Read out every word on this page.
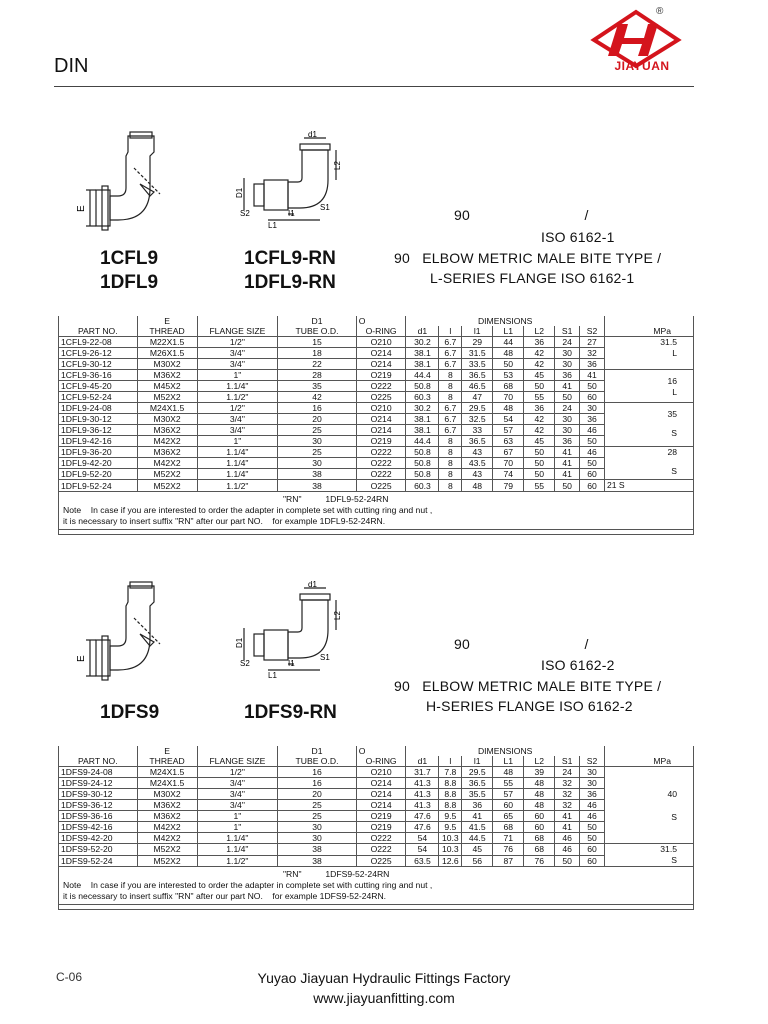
DIN
®
JIAYUAN
E
d1
L2
D1
S2	I1
S1
L1
1CFL9
1DFL9
1CFL9-RN
1DFL9-RN
90                            /
ISO 6162-1
90   ELBOW METRIC MALE BITE TYPE /
L-SERIES FLANGE ISO 6162-1
	E		D1	O	DIMENSIONS							
PART NO.	THREAD	FLANGE SIZE	TUBE O.D.	O-RING	d1	l	l1	L1	L2	S1	S2	MPa
1CFL9-22-08	M22X1.5	1/2"	15	O210	30.2	6.7	29	44	36	24	27	31.5
L

1CFL9-26-12	M26X1.5	3/4"	18	O214	38.1	6.7	31.5	48	42	30	32	
1CFL9-30-12	M30X2	3/4"	22	O214	38.1	6.7	33.5	50	42	30	36	
1CFL9-36-16	M36X2	1"	28	O219	44.4	8	36.5	53	45	36	41	16
L

1CFL9-45-20	M45X2	1.1/4"	35	O222	50.8	8	46.5	68	50	41	50	
1CFL9-52-24	M52X2	1.1/2"	42	O225	60.3	8	47	70	55	50	60	
1DFL9-24-08	M24X1.5	1/2"	16	O210	30.2	6.7	29.5	48	36	24	30	35
S

1DFL9-30-12	M30X2	3/4"	20	O214	38.1	6.7	32.5	54	42	30	36	
1DFL9-36-12	M36X2	3/4"	25	O214	38.1	6.7	33	57	42	30	46	
1DFL9-42-16	M42X2	1"	30	O219	44.4	8	36.5	63	45	36	50	
1DFL9-36-20	M36X2	1.1/4"	25	O222	50.8	8	43	67	50	41	46	28
S

1DFL9-42-20	M42X2	1.1/4"	30	O222	50.8	8	43.5	70	50	41	50	
1DFL9-52-20	M52X2	1.1/4"	38	O222	50.8	8	43	74	50	41	60	
1DFL9-52-24	M52X2	1.1/2"	38	O225	60.3	8	48	79	55	50	60	21 S

"RN"          1DFL9-52-24RN
Note    In case if you are interested to order the adapter in complete set with cutting ring and nut ,
it is necessary to insert suffix "RN" after our part NO.    for example 1DFL9-52-24RN.												

E
d1
L2
D1
S2	I1
S1
L1
1DFS9	1DFS9-RN
90                            /
ISO 6162-2
90   ELBOW METRIC MALE BITE TYPE /
H-SERIES FLANGE ISO 6162-2
	E		D1	O	DIMENSIONS							
PART NO.	THREAD	FLANGE SIZE	TUBE O.D.	O-RING	d1	l	l1	L1	L2	S1	S2	MPa
1DFS9-24-08	M24X1.5	1/2"	16	O210	31.7	7.8	29.5	48	39	24	30	40
S

1DFS9-24-12	M24X1.5	3/4"	16	O214	41.3	8.8	36.5	55	48	32	30	
1DFS9-30-12	M30X2	3/4"	20	O214	41.3	8.8	35.5	57	48	32	36	
1DFS9-36-12	M36X2	3/4"	25	O214	41.3	8.8	36	60	48	32	46	
1DFS9-36-16	M36X2	1"	25	O219	47.6	9.5	41	65	60	41	46	
1DFS9-42-16	M42X2	1"	30	O219	47.6	9.5	41.5	68	60	41	50	
1DFS9-42-20	M42X2	1.1/4"	30	O222	54	10.3	44.5	71	68	46	50	
1DFS9-52-20	M52X2	1.1/4"	38	O222	54	10.3	45	76	68	46	60	31.5
S

1DFS9-52-24	M52X2	1.1/2"	38	O225	63.5	12.6	56	87	76	50	60	

"RN"          1DFS9-52-24RN
Note    In case if you are interested to order the adapter in complete set with cutting ring and nut ,
it is necessary to insert suffix "RN" after our part NO.    for example 1DFS9-52-24RN.												

C-06	Yuyao Jiayuan Hydraulic Fittings Factory
www.jiayuanfitting.com
